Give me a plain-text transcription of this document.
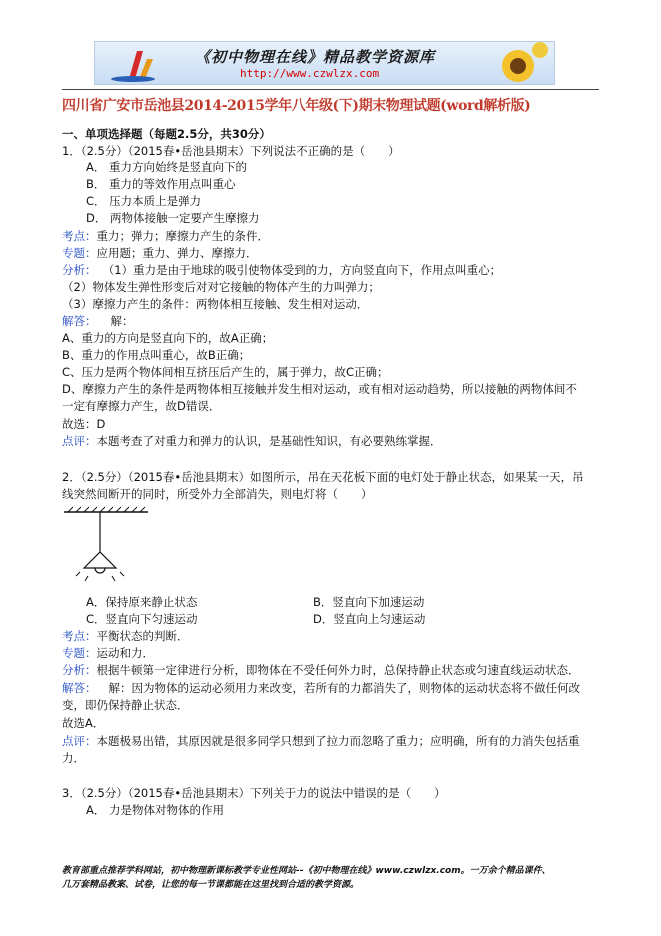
《初中物理在线》精品教学资源库
http://www.czwlzx.com
四川省广安市岳池县2014-2015学年八年级(下)期末物理试题(word解析版)
一、单项选择题（每题2.5分，共30分）
1．（2.5分）（2015春•岳池县期末）下列说法不正确的是（　　）
A． 重力方向始终是竖直向下的
B． 重力的等效作用点叫重心
C． 压力本质上是弹力
D． 两物体接触一定要产生摩擦力
考点：重力；弹力；摩擦力产生的条件．
专题：应用题；重力、弹力、摩擦力．
分析： （1）重力是由于地球的吸引使物体受到的力，方向竖直向下，作用点叫重心；
（2）物体发生弹性形变后对对它接触的物体产生的力叫弹力；
（3）摩擦力产生的条件：两物体相互接触、发生相对运动．
解答： 解：
A、重力的方向是竖直向下的，故A正确；
B、重力的作用点叫重心，故B正确；
C、压力是两个物体间相互挤压后产生的，属于弹力，故C正确；
D、摩擦力产生的条件是两物体相互接触并发生相对运动，或有相对运动趋势，所以接触的两物体间不
一定有摩擦力产生，故D错误．
故选：D
点评：本题考查了对重力和弹力的认识，是基础性知识，有必要熟练掌握．
2．（2.5分）（2015春•岳池县期末）如图所示，吊在天花板下面的电灯处于静止状态，如果某一天，吊
线突然间断开的同时，所受外力全部消失，则电灯将（　　）
A．保持原来静止状态	B．竖直向下加速运动
C．竖直向下匀速运动	D．竖直向上匀速运动
考点：平衡状态的判断．
专题：运动和力．
分析：根据牛顿第一定律进行分析，即物体在不受任何外力时，总保持静止状态或匀速直线运动状态．
解答： 解：因为物体的运动必须用力来改变，若所有的力都消失了，则物体的运动状态将不做任何改
变，即仍保持静止状态．
故选A．
点评：本题极易出错，其原因就是很多同学只想到了拉力而忽略了重力；应明确，所有的力消失包括重
力．
3．（2.5分）（2015春•岳池县期末）下列关于力的说法中错误的是（　　）
A． 力是物体对物体的作用
教育部重点推荐学科网站，初中物理新课标教学专业性网站--《初中物理在线》www.czwlzx.com。一万余个精品课件、
几万套精品教案、试卷，让您的每一节课都能在这里找到合适的教学资源。
